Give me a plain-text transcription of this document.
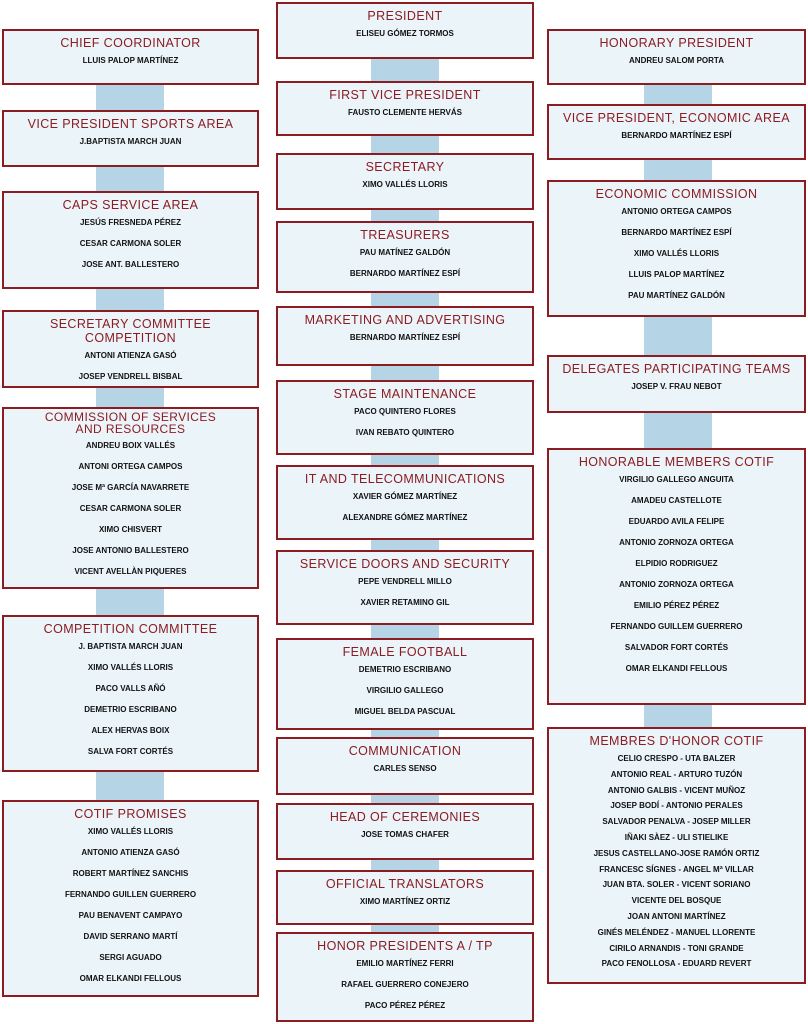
CHIEF COORDINATOR
LLUIS PALOP MARTÍNEZ
VICE PRESIDENT SPORTS AREA
J.BAPTISTA MARCH JUAN
CAPS SERVICE AREA
JESÚS FRESNEDA PÉREZ
CESAR CARMONA SOLER
JOSE ANT. BALLESTERO
SECRETARY COMMITTEE COMPETITION
ANTONI ATIENZA GASÓ
JOSEP VENDRELL BISBAL
COMMISSION OF SERVICES
AND RESOURCES
ANDREU BOIX VALLÉS
ANTONI ORTEGA CAMPOS
JOSE Mª GARCÍA NAVARRETE
CESAR CARMONA SOLER
XIMO CHISVERT
JOSE ANTONIO BALLESTERO
VICENT AVELLÀN PIQUERES
COMPETITION COMMITTEE
J. BAPTISTA MARCH JUAN
XIMO VALLÉS LLORIS
PACO VALLS AÑÓ
DEMETRIO ESCRIBANO
ALEX HERVAS BOIX
SALVA FORT CORTÉS
COTIF PROMISES
XIMO VALLÉS LLORIS
ANTONIO ATIENZA GASÓ
ROBERT MARTÍNEZ SANCHIS
FERNANDO GUILLEN GUERRERO
PAU BENAVENT CAMPAYO
DAVID SERRANO MARTÍ
SERGI AGUADO
OMAR ELKANDI FELLOUS
PRESIDENT
ELISEU GÓMEZ TORMOS
FIRST VICE PRESIDENT
FAUSTO CLEMENTE HERVÁS
SECRETARY
XIMO VALLÉS LLORIS
TREASURERS
PAU MATÍNEZ GALDÓN
BERNARDO MARTÍNEZ ESPÍ
MARKETING AND ADVERTISING
BERNARDO MARTÍNEZ ESPÍ
STAGE MAINTENANCE
PACO QUINTERO FLORES
IVAN REBATO QUINTERO
IT AND TELECOMMUNICATIONS
XAVIER GÓMEZ MARTÍNEZ
ALEXANDRE GÓMEZ MARTÍNEZ
SERVICE DOORS AND SECURITY
PEPE VENDRELL MILLO
XAVIER RETAMINO GIL
FEMALE FOOTBALL
DEMETRIO ESCRIBANO
VIRGILIO GALLEGO
MIGUEL BELDA PASCUAL
COMMUNICATION
CARLES SENSO
HEAD OF CEREMONIES
JOSE TOMAS CHAFER
OFFICIAL TRANSLATORS
XIMO MARTÍNEZ ORTIZ
HONOR PRESIDENTS A / TP
EMILIO MARTÍNEZ FERRI
RAFAEL GUERRERO CONEJERO
PACO PÉREZ PÉREZ
HONORARY PRESIDENT
ANDREU SALOM PORTA
VICE PRESIDENT, ECONOMIC AREA
BERNARDO MARTÍNEZ ESPÍ
ECONOMIC COMMISSION
ANTONIO ORTEGA CAMPOS
BERNARDO MARTÍNEZ ESPÍ
XIMO VALLÉS LLORIS
LLUIS PALOP MARTÍNEZ
PAU MARTÍNEZ GALDÓN
DELEGATES PARTICIPATING TEAMS
JOSEP V. FRAU NEBOT
HONORABLE MEMBERS COTIF
VIRGILIO GALLEGO ANGUITA
AMADEU CASTELLOTE
EDUARDO AVILA FELIPE
ANTONIO ZORNOZA ORTEGA
ELPIDIO RODRIGUEZ
ANTONIO ZORNOZA ORTEGA
EMILIO PÉREZ PÉREZ
FERNANDO GUILLEM GUERRERO
SALVADOR FORT CORTÉS
OMAR ELKANDI FELLOUS
MEMBRES D'HONOR COTIF
CELIO CRESPO - UTA BALZER
ANTONIO REAL - ARTURO TUZÓN
ANTONIO GALBIS - VICENT MUÑOZ
JOSEP BODÍ - ANTONIO PERALES
SALVADOR PENALVA - JOSEP MILLER
IÑAKI SÀEZ - ULI STIELIKE
JESUS CASTELLANO-JOSE RAMÓN ORTIZ
FRANCESC SÍGNES - ANGEL Mª VILLAR
JUAN BTA. SOLER - VICENT SORIANO
VICENTE DEL BOSQUE
JOAN ANTONI MARTÍNEZ
GINÉS MELÉNDEZ - MANUEL LLORENTE
CIRILO ARNANDIS - TONI GRANDE
PACO FENOLLOSA - EDUARD REVERT
